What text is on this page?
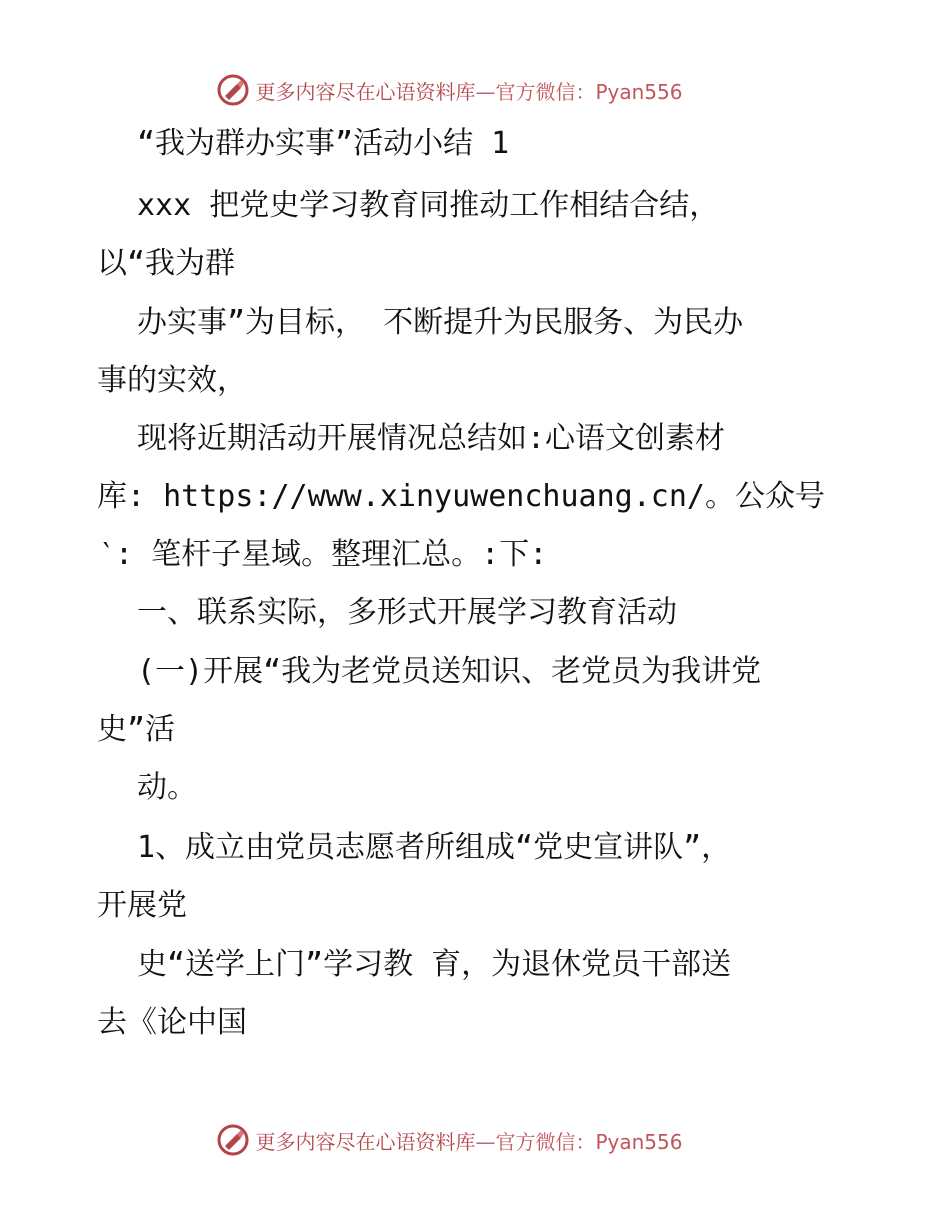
更多内容尽在心语资料库—官方微信：Pyan556
“我为群办实事”活动小结 1
xxx 把党史学习教育同推动工作相结合结，
以“我为群
办实事”为目标， 不断提升为民服务、为民办
事的实效，
现将近期活动开展情况总结如:心语文创素材
库: https://www.xinyuwenchuang.cn/。公众号
‵: 笔杆子星域。整理汇总。:下:
一、联系实际，多形式开展学习教育活动
(一)开展“我为老党员送知识、老党员为我讲党
史”活
动。
1、成立由党员志愿者所组成“党史宣讲队”，
开展党
史“送学上门”学习教 育，为退休党员干部送
去《论中国
更多内容尽在心语资料库—官方微信：Pyan556
